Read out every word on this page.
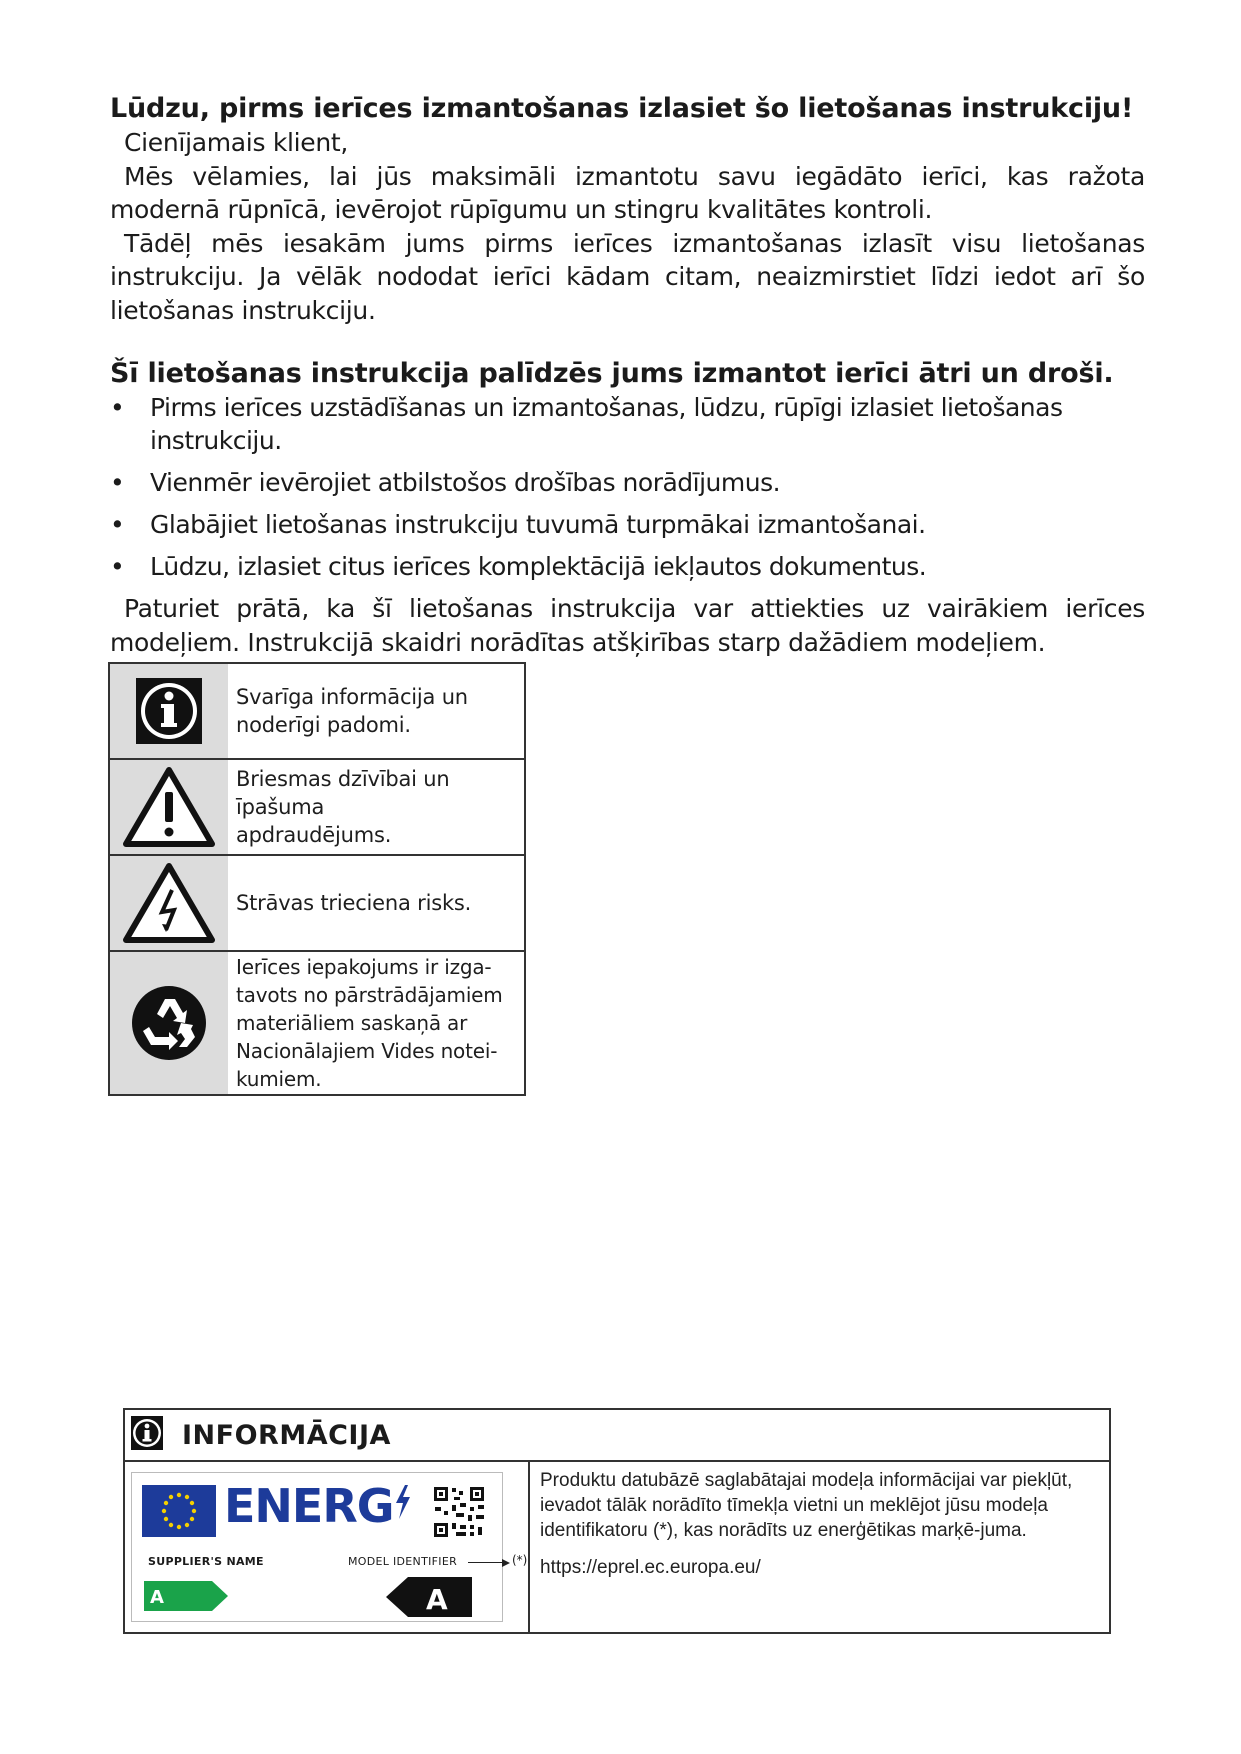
Lūdzu, pirms ierīces izmantošanas izlasiet šo lietošanas instrukciju!

Cienījamais klient,

Mēs vēlamies, lai jūs maksimāli izmantotu savu iegādāto ierīci, kas ražota modernā rūpnīcā, ievērojot rūpīgumu un stingru kvalitātes kontroli.

Tādēļ mēs iesakām jums pirms ierīces izmantošanas izlasīt visu lietošanas instrukciju. Ja vēlāk nododat ierīci kādam citam, neaizmirstiet līdzi iedot arī šo lietošanas instrukciju.

Šī lietošanas instrukcija palīdzēs jums izmantot ierīci ātri un droši.

• Pirms ierīces uzstādīšanas un izmantošanas, lūdzu, rūpīgi izlasiet lietošanas instrukciju.
• Vienmēr ievērojiet atbilstošos drošības norādījumus.
• Glabājiet lietošanas instrukciju tuvumā turpmākai izmantošanai.
• Lūdzu, izlasiet citus ierīces komplektācijā iekļautos dokumentus.

Paturiet prātā, ka šī lietošanas instrukcija var attiekties uz vairākiem ierīces modeļiem. Instrukcijā skaidri norādītas atšķirības starp dažādiem modeļiem.

Svarīga informācija un
noderīgi padomi.
Briesmas dzīvībai un īpašuma
apdraudējums.
Strāvas trieciena risks.
Ierīces iepakojums ir izga-
tavots no pārstrādājamiem
materiāliem saskaņā ar
Nacionālajiem Vides notei-
kumiem.
INFORMĀCIJA
ENERG
SUPPLIER'S NAME	MODEL IDENTIFIER	(*)
A	A

Produktu datubāzē saglabātajai modeļa informācijai var piekļūt, ievadot tālāk norādīto tīmekļa vietni un meklējot jūsu modeļa identifikatoru (*), kas norādīts uz enerģētikas marķē-juma.

https://eprel.ec.europa.eu/
